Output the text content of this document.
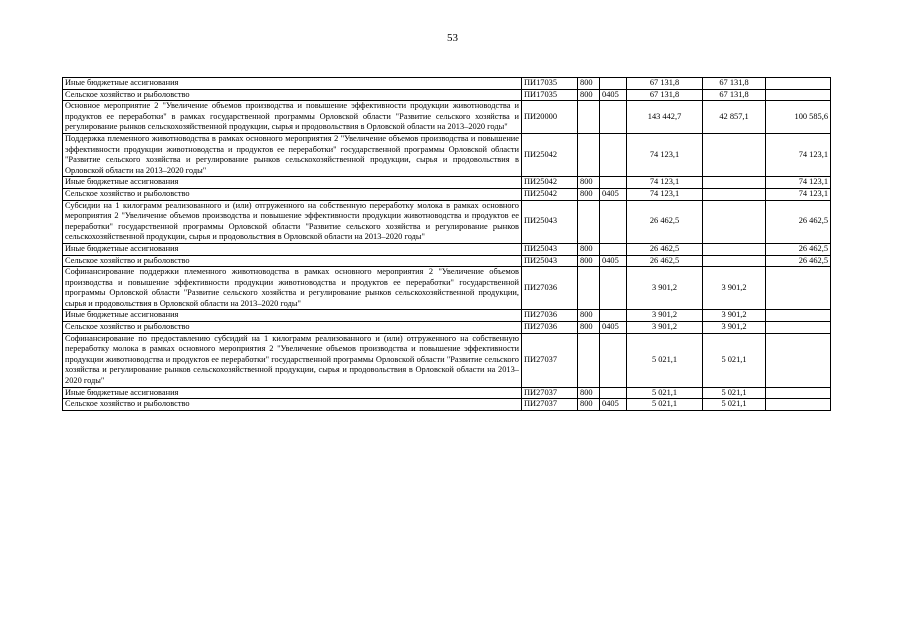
53
Иные бюджетные ассигнования	ПИ17035	800		67 131,8	67 131,8	
Сельское хозяйство и рыболовство	ПИ17035	800	0405	67 131,8	67 131,8	
Основное мероприятие 2 "Увеличение объемов производства и повышение эффективности продукции животноводства и продуктов ее переработки" в рамках государственной программы Орловской области "Развитие сельского хозяйства и регулирование рынков сельскохозяйственной продукции, сырья и продовольствия в Орловской области на 2013–2020 годы"	ПИ20000			143 442,7	42 857,1	100 585,6
Поддержка племенного животноводства в рамках основного мероприятия 2 "Увеличение объемов производства и повышение эффективности продукции животноводства и продуктов ее переработки" государственной программы Орловской области "Развитие сельского хозяйства и регулирование рынков сельскохозяйственной продукции, сырья и продовольствия в Орловской области на 2013–2020 годы"	ПИ25042			74 123,1		74 123,1
Иные бюджетные ассигнования	ПИ25042	800		74 123,1		74 123,1
Сельское хозяйство и рыболовство	ПИ25042	800	0405	74 123,1		74 123,1
Субсидии на 1 килограмм реализованного и (или) отгруженного на собственную переработку молока в рамках основного мероприятия 2 "Увеличение объемов производства и повышение эффективности продукции животноводства и продуктов ее переработки" государственной программы Орловской области "Развитие сельского хозяйства и регулирование рынков сельскохозяйственной продукции, сырья и продовольствия в Орловской области на 2013–2020 годы"	ПИ25043			26 462,5		26 462,5
Иные бюджетные ассигнования	ПИ25043	800		26 462,5		26 462,5
Сельское хозяйство и рыболовство	ПИ25043	800	0405	26 462,5		26 462,5
Софинансирование поддержки племенного животноводства в рамках основного мероприятия 2 "Увеличение объемов производства и повышение эффективности продукции животноводства и продуктов ее переработки" государственной программы Орловской области "Развитие сельского хозяйства и регулирование рынков сельскохозяйственной продукции, сырья и продовольствия в Орловской области на 2013–2020 годы"	ПИ27036			3 901,2	3 901,2	
Иные бюджетные ассигнования	ПИ27036	800		3 901,2	3 901,2	
Сельское хозяйство и рыболовство	ПИ27036	800	0405	3 901,2	3 901,2	
Софинансирование по предоставлению субсидий на 1 килограмм реализованного и (или) отгруженного на собственную переработку молока в рамках основного мероприятия 2 "Увеличение объемов производства и повышение эффективности продукции животноводства и продуктов ее переработки" государственной программы Орловской области "Развитие сельского хозяйства и регулирование рынков сельскохозяйственной продукции, сырья и продовольствия в Орловской области на 2013–2020 годы"	ПИ27037			5 021,1	5 021,1	
Иные бюджетные ассигнования	ПИ27037	800		5 021,1	5 021,1	
Сельское хозяйство и рыболовство	ПИ27037	800	0405	5 021,1	5 021,1	
